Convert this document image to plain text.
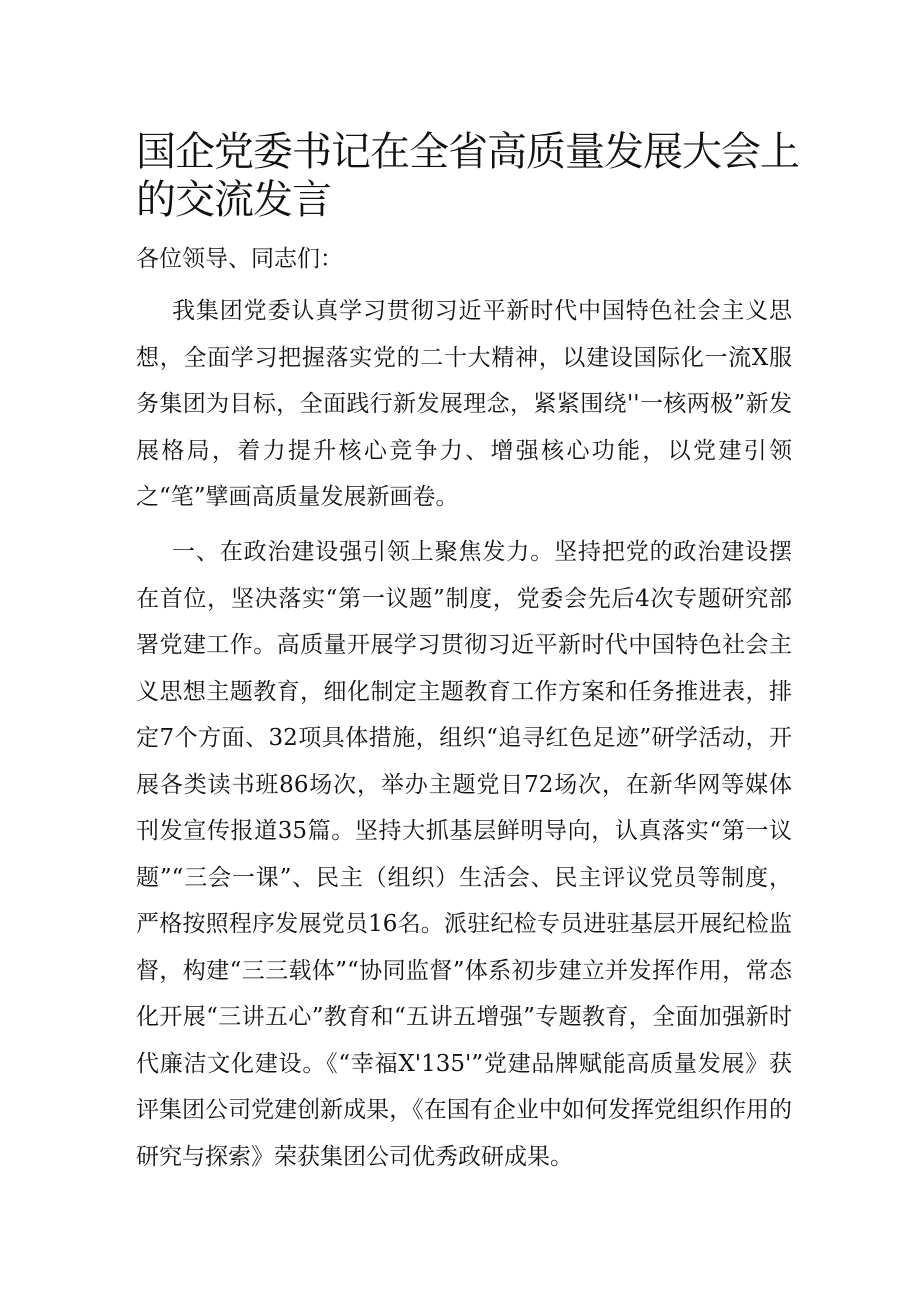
国企党委书记在全省高质量发展大会上的交流发言

各位领导、同志们：

我集团党委认真学习贯彻习近平新时代中国特色社会主义思想，全面学习把握落实党的二十大精神，以建设国际化一流X服务集团为目标，全面践行新发展理念，紧紧围绕''一核两极”新发展格局，着力提升核心竞争力、增强核心功能，以党建引领之“笔”擘画高质量发展新画卷。

一、在政治建设强引领上聚焦发力。坚持把党的政治建设摆在首位，坚决落实“第一议题”制度，党委会先后4次专题研究部署党建工作。高质量开展学习贯彻习近平新时代中国特色社会主义思想主题教育，细化制定主题教育工作方案和任务推进表，排定7个方面、32项具体措施，组织“追寻红色足迹”研学活动，开展各类读书班86场次，举办主题党日72场次，在新华网等媒体刊发宣传报道35篇。坚持大抓基层鲜明导向，认真落实“第一议题”“三会一课”、民主（组织）生活会、民主评议党员等制度，严格按照程序发展党员16名。派驻纪检专员进驻基层开展纪检监督，构建“三三载体”“协同监督”体系初步建立并发挥作用，常态化开展“三讲五心”教育和“五讲五增强”专题教育，全面加强新时代廉洁文化建设。《“幸福X'135'”党建品牌赋能高质量发展》获评集团公司党建创新成果，《在国有企业中如何发挥党组织作用的研究与探索》荣获集团公司优秀政研成果。
